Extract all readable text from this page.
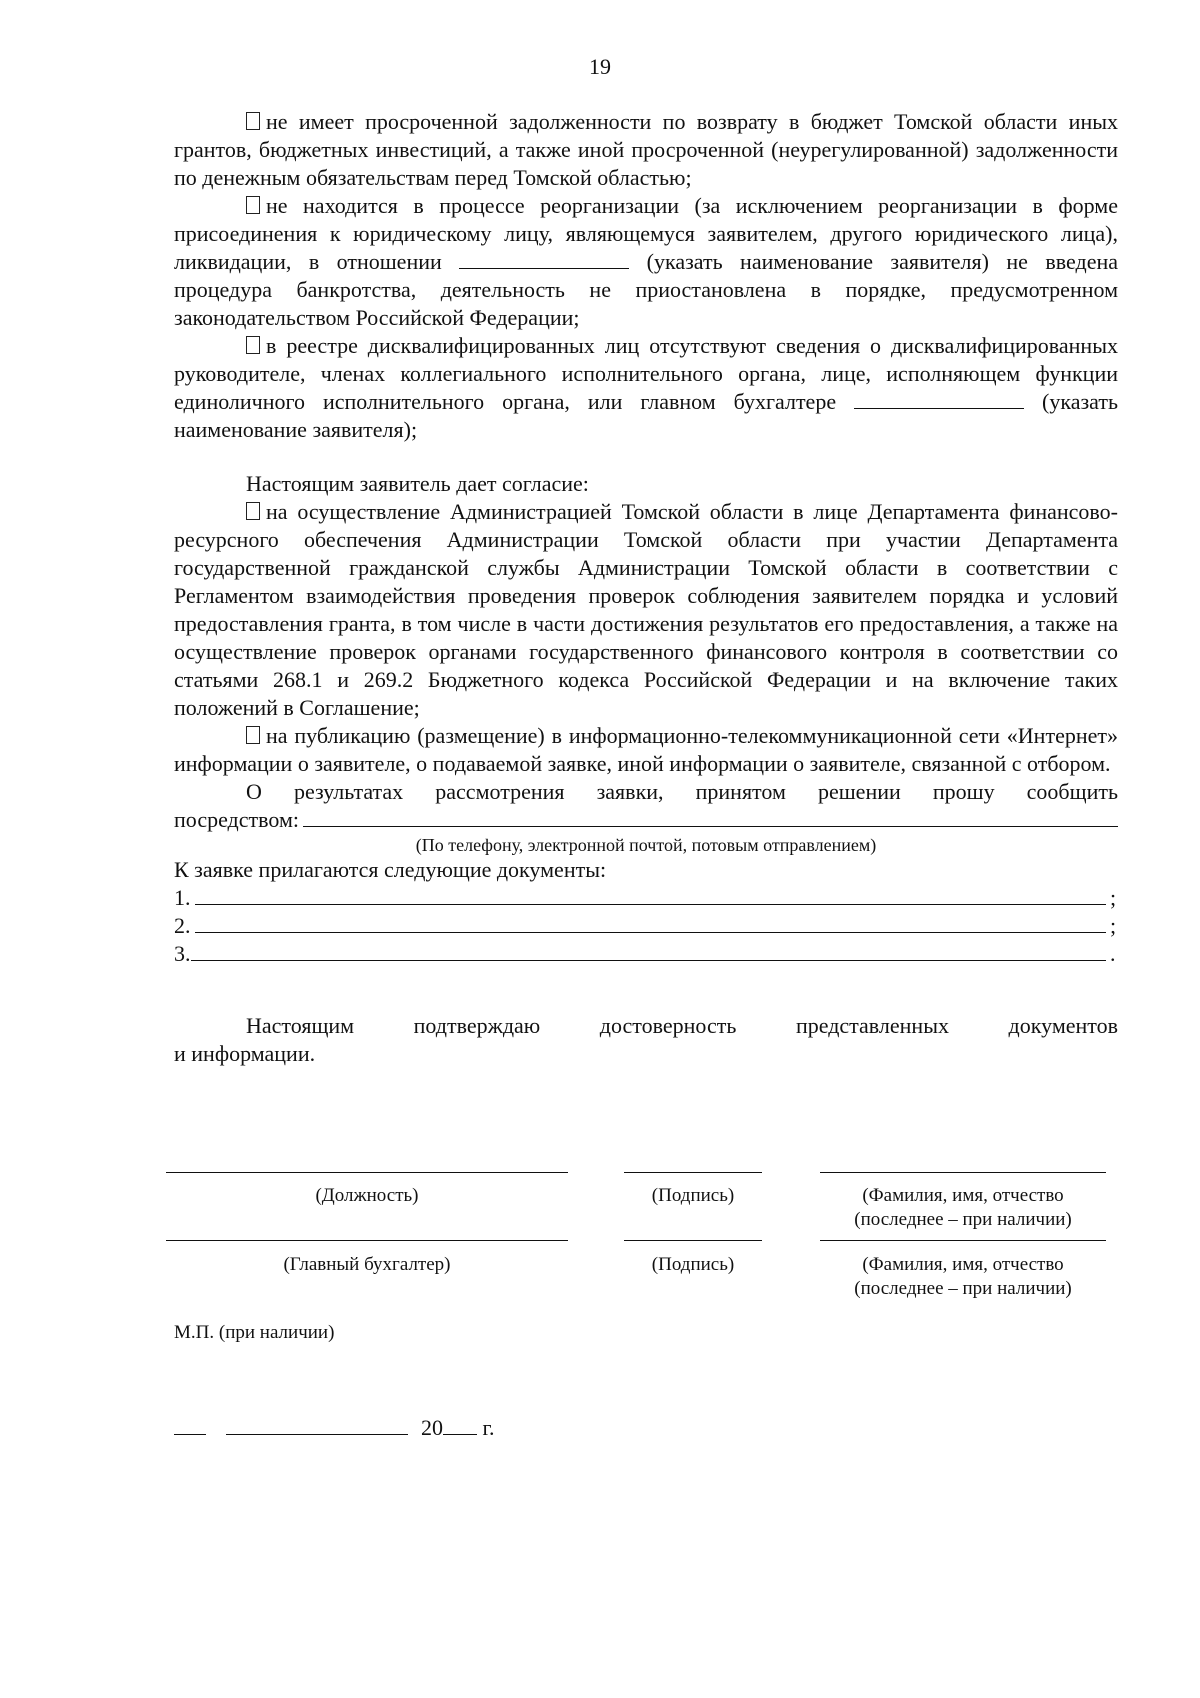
19

не имеет просроченной задолженности по возврату в бюджет Томской области иных грантов, бюджетных инвестиций, а также иной просроченной (неурегулированной) задолженности по денежным обязательствам перед Томской областью;

не находится в процессе реорганизации (за исключением реорганизации в форме присоединения к юридическому лицу, являющемуся заявителем, другого юридического лица), ликвидации, в отношении	(указать наименование заявителя) не введена процедура банкротства, деятельность не приостановлена в порядке, предусмотренном законодательством Российской Федерации;

в реестре дисквалифицированных лиц отсутствуют сведения о дисквалифицированных руководителе, членах коллегиального исполнительного органа, лице, исполняющем функции единоличного исполнительного органа, или главном бухгалтере	(указать наименование заявителя);

Настоящим заявитель дает согласие:

на осуществление Администрацией Томской области в лице Департамента финансово-ресурсного обеспечения Администрации Томской области при участии Департамента государственной гражданской службы Администрации Томской области в соответствии с Регламентом взаимодействия проведения проверок соблюдения заявителем порядка и условий предоставления гранта, в том числе в части достижения результатов его предоставления, а также на осуществление проверок органами государственного финансового контроля в соответствии со статьями 268.1 и 269.2 Бюджетного кодекса Российской Федерации и на включение таких положений в Соглашение;

на публикацию (размещение) в информационно-телекоммуникационной сети «Интернет» информации о заявителе, о подаваемой заявке, иной информации о заявителе, связанной с отбором.

О результатах рассмотрения заявки, принятом решении прошу сообщить

посредством:
(По телефону, электронной почтой, потовым отправлением)

К заявке прилагаются следующие документы:

1.	;
2.	;
3.	.

Настоящим подтверждаю достоверность представленных документов

и информации.

(Должность)	(Подпись)	(Фамилия, имя, отчество
(последнее – при наличии)
(Главный бухгалтер)	(Подпись)	(Фамилия, имя, отчество
(последнее – при наличии)
М.П. (при наличии)
20 г.
